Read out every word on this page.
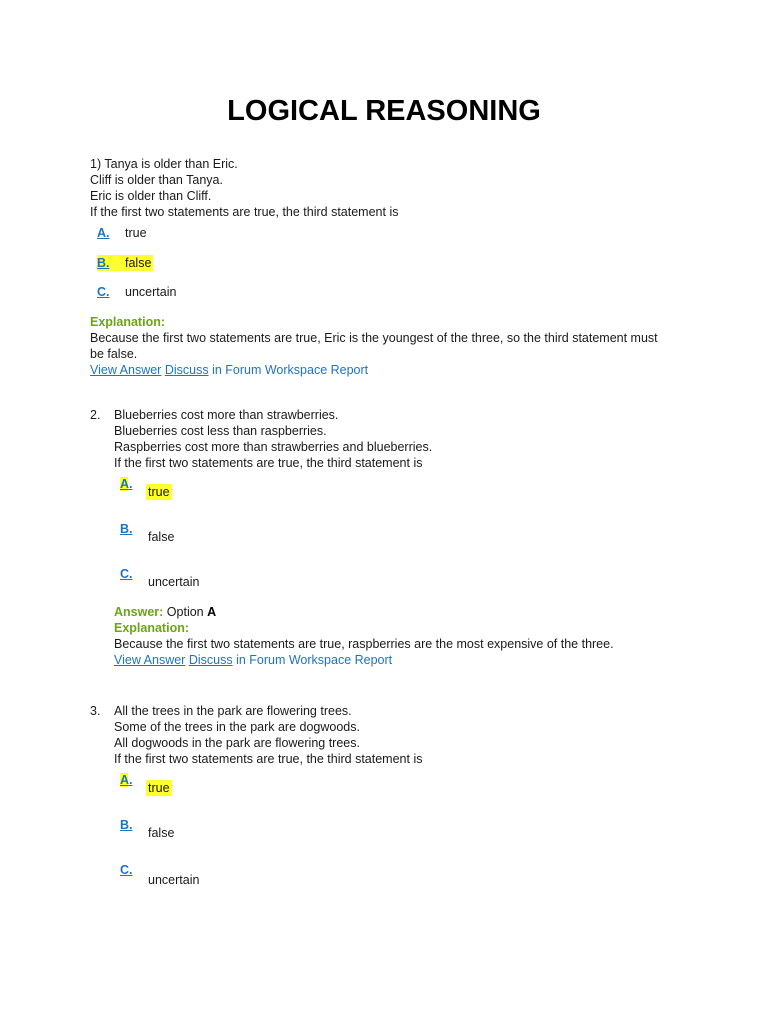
LOGICAL REASONING
1) Tanya is older than Eric.
Cliff is older than Tanya.
Eric is older than Cliff.
If the first two statements are true, the third statement is
A.	true
B.	false
C.	uncertain
Explanation:
Because the first two statements are true, Eric is the youngest of the three, so the third statement must be false.
View Answer Discuss in Forum Workspace Report
2. Blueberries cost more than strawberries.
Blueberries cost less than raspberries.
Raspberries cost more than strawberries and blueberries.
If the first two statements are true, the third statement is
A.
true
B.
false
C.
uncertain
Answer: Option A
Explanation:
Because the first two statements are true, raspberries are the most expensive of the three.
View Answer Discuss in Forum Workspace Report
3. All the trees in the park are flowering trees.
Some of the trees in the park are dogwoods.
All dogwoods in the park are flowering trees.
If the first two statements are true, the third statement is
A.
true
B.
false
C.
uncertain
